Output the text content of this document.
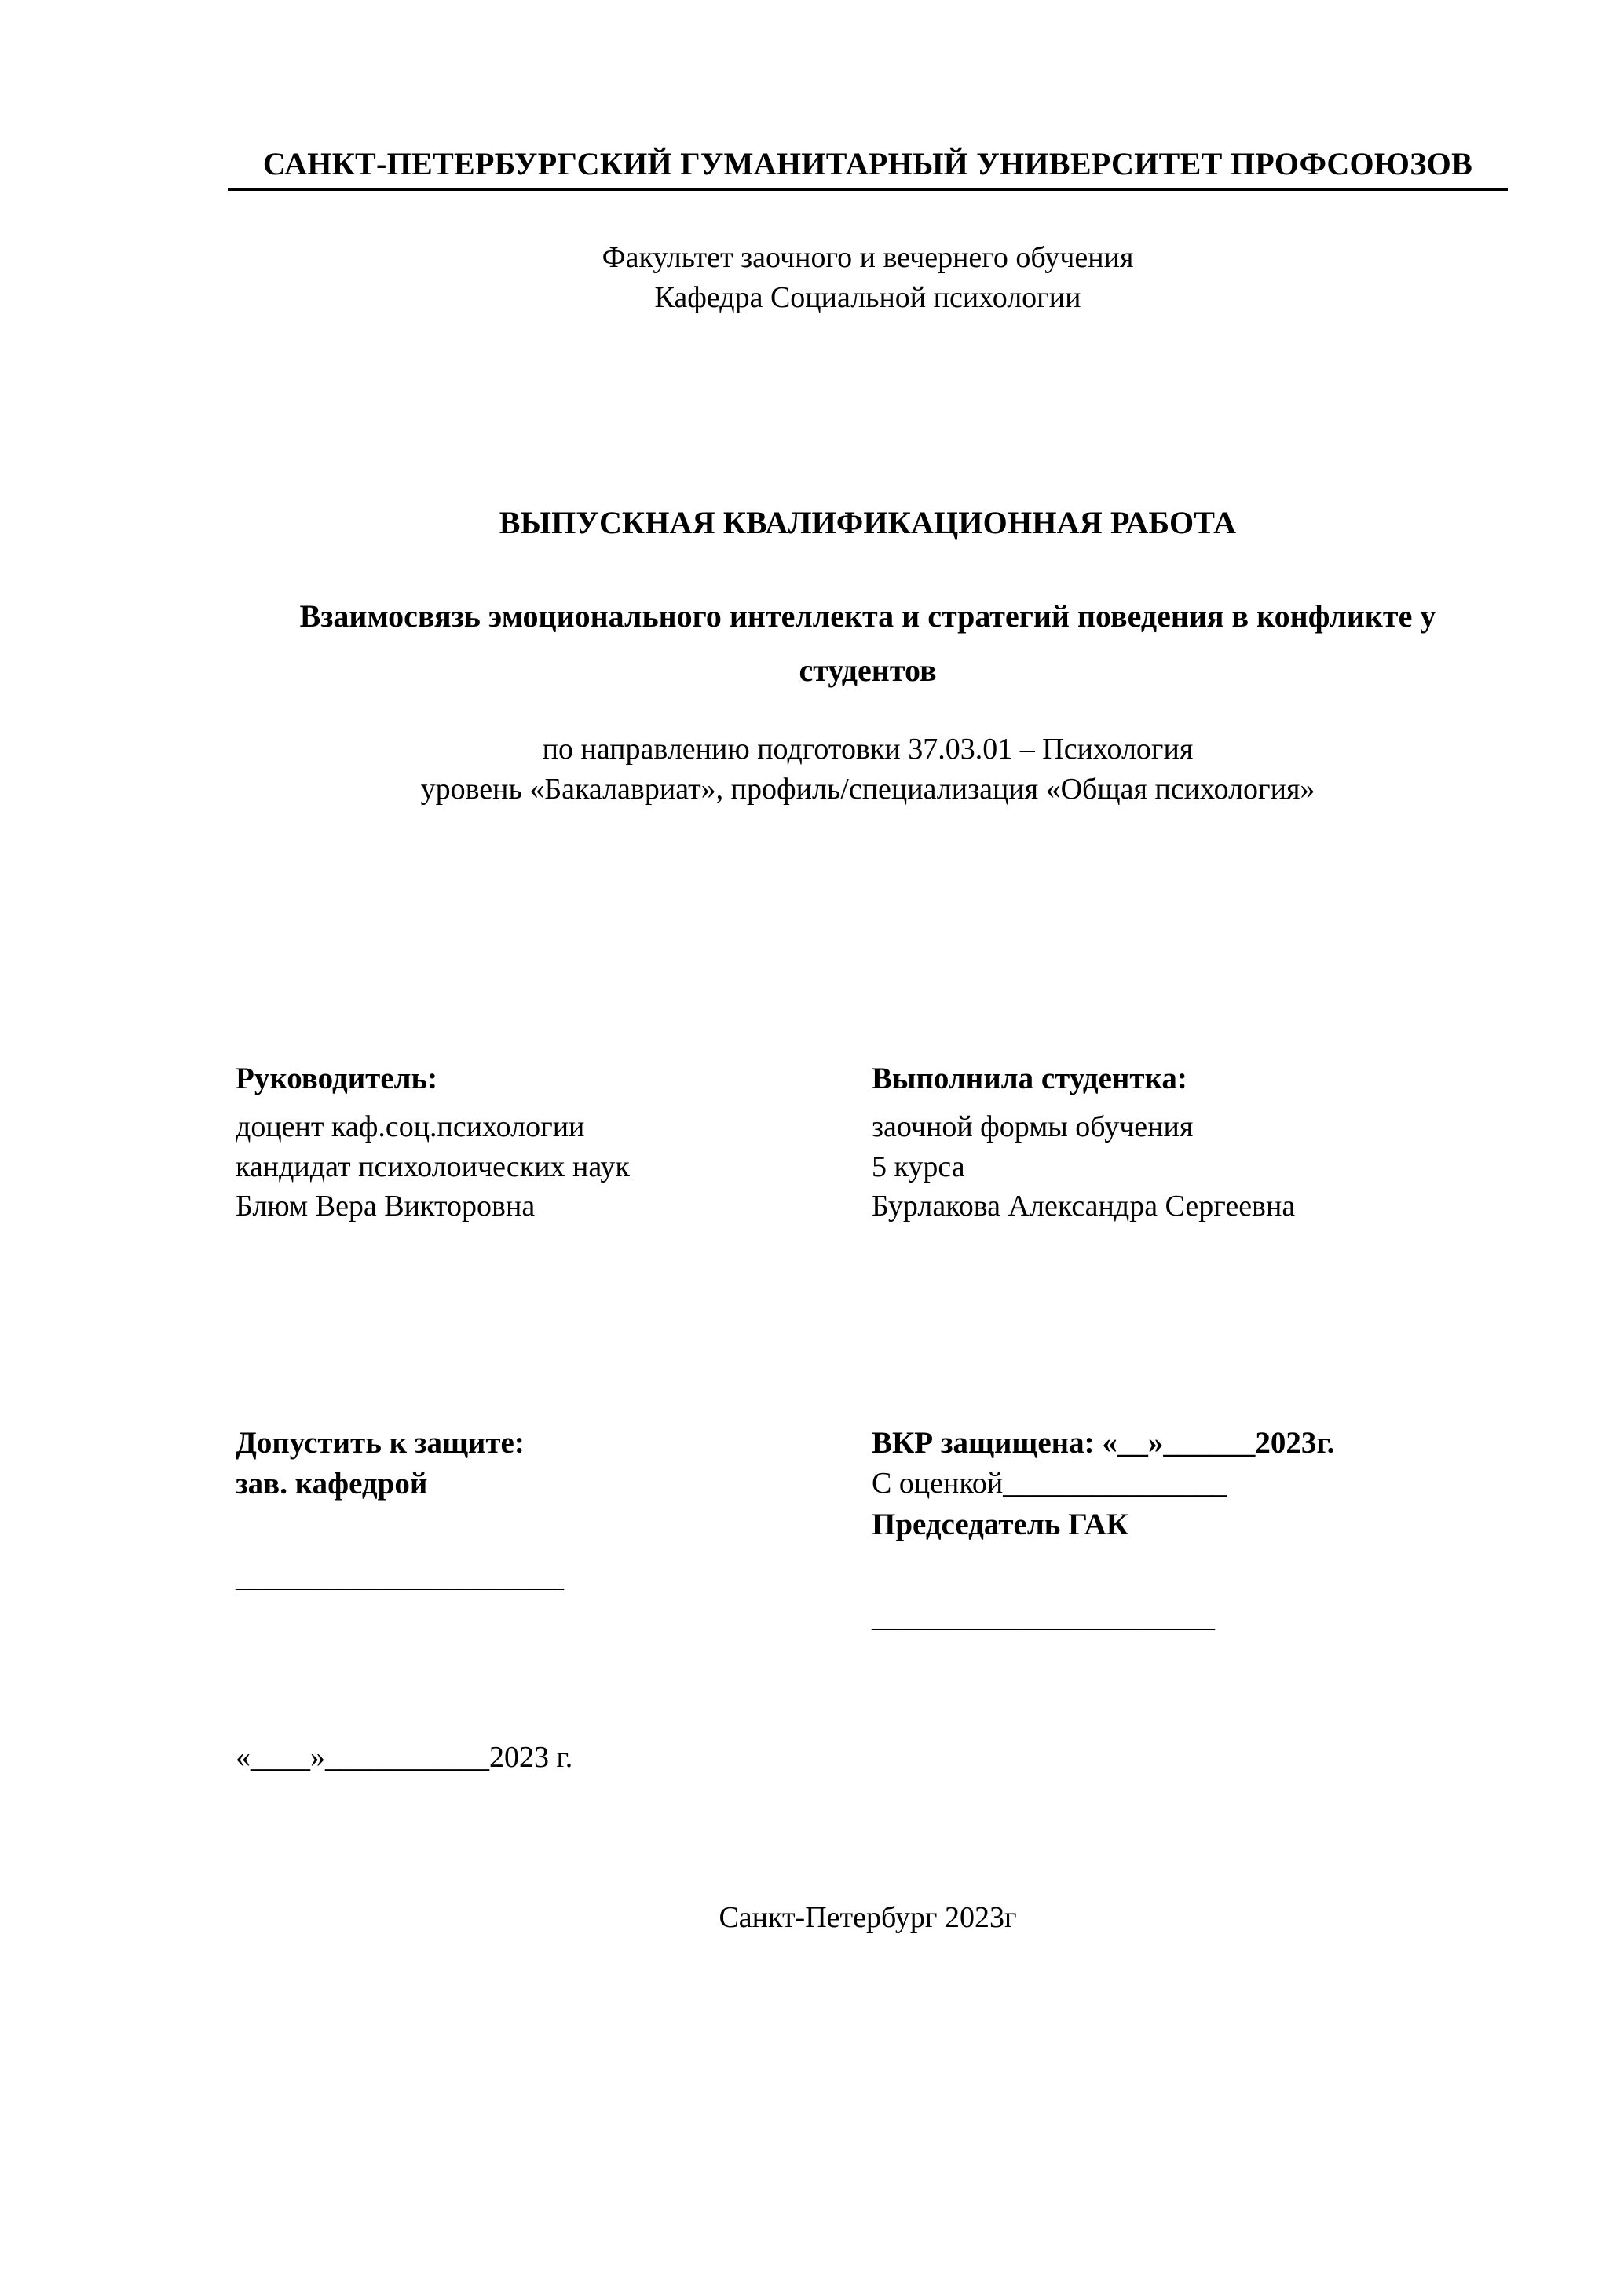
САНКТ-ПЕТЕРБУРГСКИЙ ГУМАНИТАРНЫЙ УНИВЕРСИТЕТ ПРОФСОЮЗОВ
Факультет заочного и вечернего обучения
Кафедра Социальной психологии
ВЫПУСКНАЯ КВАЛИФИКАЦИОННАЯ РАБОТА
Взаимосвязь эмоционального интеллекта и стратегий поведения в конфликте у студентов
по направлению подготовки 37.03.01 – Психология
уровень «Бакалавриат», профиль/специализация «Общая психология»
Руководитель:
доцент каф.соц.психологии
кандидат психолоических наук
Блюм Вера Викторовна
Выполнила студентка:
заочной формы обучения
5 курса
Бурлакова Александра Сергеевна
Допустить к защите:
зав. кафедрой
______________________
ВКР защищена: «__»______2023г.
С оценкой_______________
Председатель ГАК
_______________________
«____»___________2023 г.
Санкт-Петербург 2023г
